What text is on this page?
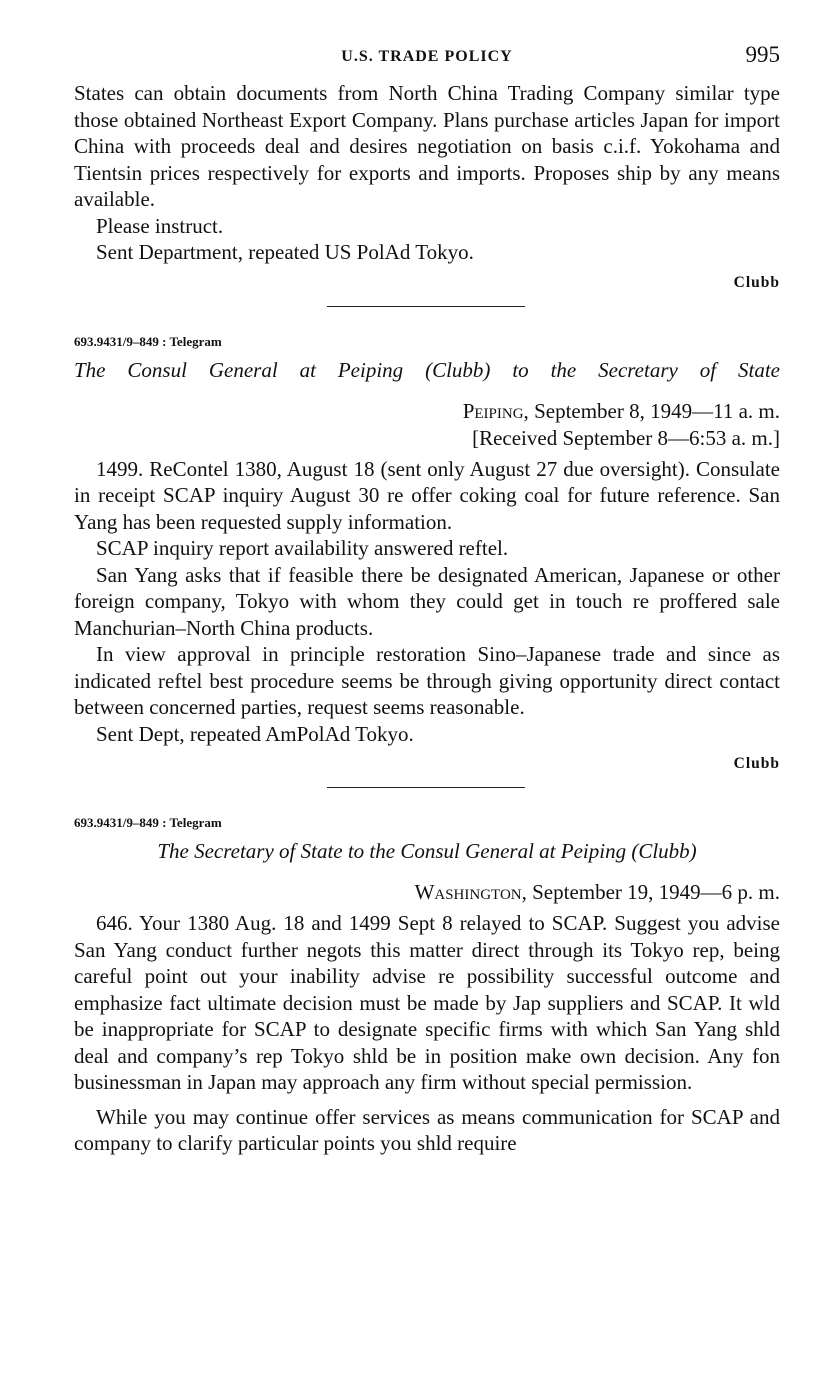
U.S. TRADE POLICY	995

States can obtain documents from North China Trading Company similar type those obtained Northeast Export Company. Plans purchase articles Japan for import China with proceeds deal and desires negotiation on basis c.i.f. Yokohama and Tientsin prices respectively for exports and imports. Proposes ship by any means available.

Please instruct.

Sent Department, repeated US PolAd Tokyo.

Clubb
693.9431/9–849 : Telegram
The Consul General at Peiping (Clubb) to the Secretary of State
Peiping, September 8, 1949—11 a. m.
[Received September 8—6:53 a. m.]

1499. ReContel 1380, August 18 (sent only August 27 due oversight). Consulate in receipt SCAP inquiry August 30 re offer coking coal for future reference. San Yang has been requested supply information.

SCAP inquiry report availability answered reftel.

San Yang asks that if feasible there be designated American, Japanese or other foreign company, Tokyo with whom they could get in touch re proffered sale Manchurian–North China products.

In view approval in principle restoration Sino–Japanese trade and since as indicated reftel best procedure seems be through giving opportunity direct contact between concerned parties, request seems reasonable.

Sent Dept, repeated AmPolAd Tokyo.

Clubb
693.9431/9–849 : Telegram
The Secretary of State to the Consul General at Peiping (Clubb)
Washington, September 19, 1949—6 p. m.

646. Your 1380 Aug. 18 and 1499 Sept 8 relayed to SCAP. Suggest you advise San Yang conduct further negots this matter direct through its Tokyo rep, being careful point out your inability advise re possibility successful outcome and emphasize fact ultimate decision must be made by Jap suppliers and SCAP. It wld be inappropriate for SCAP to designate specific firms with which San Yang shld deal and company’s rep Tokyo shld be in position make own decision. Any fon businessman in Japan may approach any firm without special permission.

While you may continue offer services as means communication for SCAP and company to clarify particular points you shld require
